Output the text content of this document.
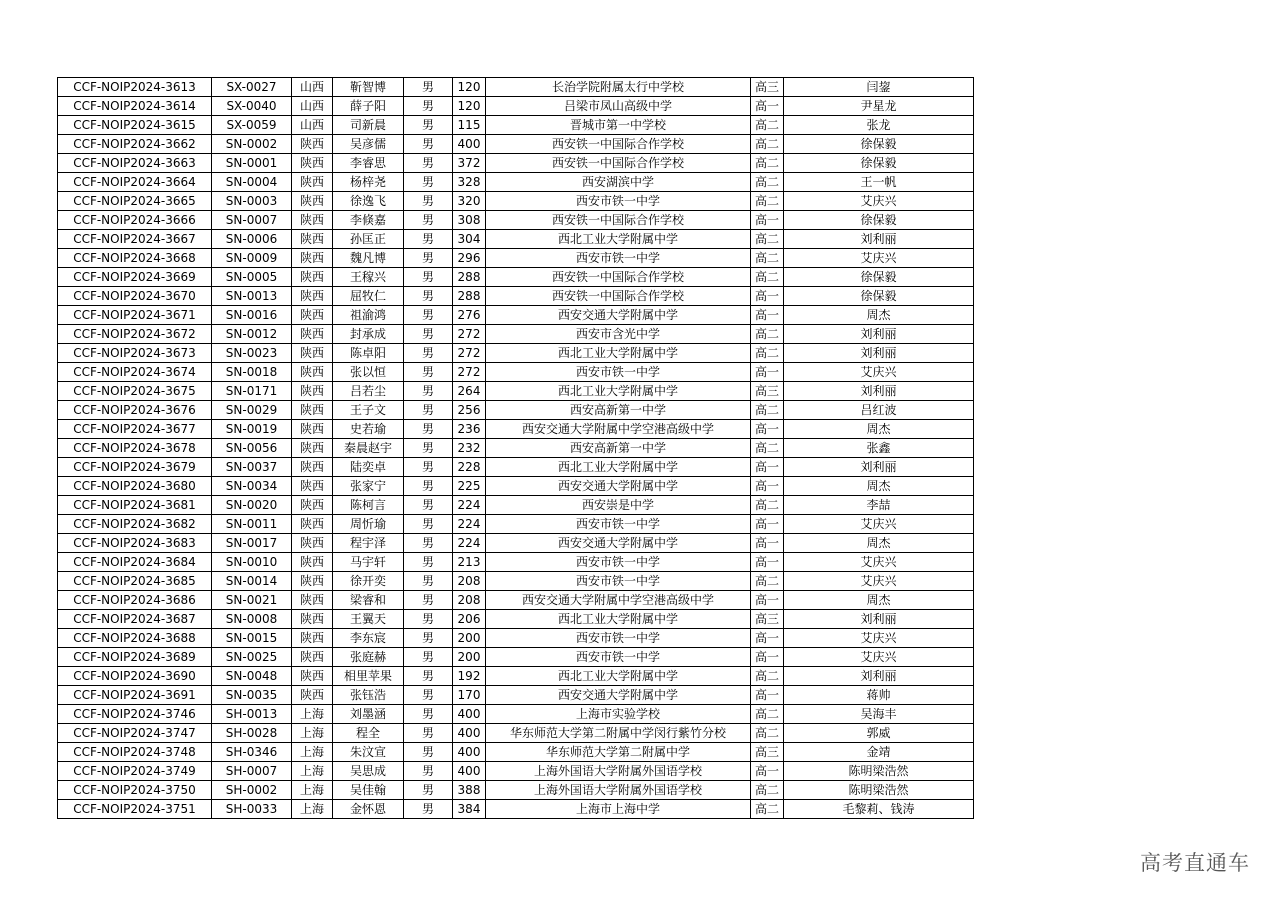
CCF-NOIP2024-3613	SX-0027	山西	靳智博	男	120	长治学院附属太行中学校	高三	闫鋆
CCF-NOIP2024-3614	SX-0040	山西	薛子阳	男	120	吕梁市凤山高级中学	高一	尹星龙
CCF-NOIP2024-3615	SX-0059	山西	司新晨	男	115	晋城市第一中学校	高二	张龙
CCF-NOIP2024-3662	SN-0002	陕西	吴彦儒	男	400	西安铁一中国际合作学校	高二	徐保毅
CCF-NOIP2024-3663	SN-0001	陕西	李睿思	男	372	西安铁一中国际合作学校	高二	徐保毅
CCF-NOIP2024-3664	SN-0004	陕西	杨梓尧	男	328	西安湖滨中学	高二	王一帆
CCF-NOIP2024-3665	SN-0003	陕西	徐逸飞	男	320	西安市铁一中学	高二	艾庆兴
CCF-NOIP2024-3666	SN-0007	陕西	李倏嘉	男	308	西安铁一中国际合作学校	高一	徐保毅
CCF-NOIP2024-3667	SN-0006	陕西	孙匡正	男	304	西北工业大学附属中学	高二	刘利丽
CCF-NOIP2024-3668	SN-0009	陕西	魏凡博	男	296	西安市铁一中学	高二	艾庆兴
CCF-NOIP2024-3669	SN-0005	陕西	王稼兴	男	288	西安铁一中国际合作学校	高二	徐保毅
CCF-NOIP2024-3670	SN-0013	陕西	屈牧仁	男	288	西安铁一中国际合作学校	高一	徐保毅
CCF-NOIP2024-3671	SN-0016	陕西	祖渝鸿	男	276	西安交通大学附属中学	高一	周杰
CCF-NOIP2024-3672	SN-0012	陕西	封承成	男	272	西安市含光中学	高二	刘利丽
CCF-NOIP2024-3673	SN-0023	陕西	陈卓阳	男	272	西北工业大学附属中学	高二	刘利丽
CCF-NOIP2024-3674	SN-0018	陕西	张以恒	男	272	西安市铁一中学	高一	艾庆兴
CCF-NOIP2024-3675	SN-0171	陕西	吕若尘	男	264	西北工业大学附属中学	高三	刘利丽
CCF-NOIP2024-3676	SN-0029	陕西	王子文	男	256	西安高新第一中学	高二	吕红波
CCF-NOIP2024-3677	SN-0019	陕西	史若瑜	男	236	西安交通大学附属中学空港高级中学	高一	周杰
CCF-NOIP2024-3678	SN-0056	陕西	秦晨赵宇	男	232	西安高新第一中学	高二	张鑫
CCF-NOIP2024-3679	SN-0037	陕西	陆奕卓	男	228	西北工业大学附属中学	高一	刘利丽
CCF-NOIP2024-3680	SN-0034	陕西	张家宁	男	225	西安交通大学附属中学	高一	周杰
CCF-NOIP2024-3681	SN-0020	陕西	陈柯言	男	224	西安崇是中学	高二	李喆
CCF-NOIP2024-3682	SN-0011	陕西	周忻瑜	男	224	西安市铁一中学	高一	艾庆兴
CCF-NOIP2024-3683	SN-0017	陕西	程宇泽	男	224	西安交通大学附属中学	高一	周杰
CCF-NOIP2024-3684	SN-0010	陕西	马宇轩	男	213	西安市铁一中学	高一	艾庆兴
CCF-NOIP2024-3685	SN-0014	陕西	徐开奕	男	208	西安市铁一中学	高二	艾庆兴
CCF-NOIP2024-3686	SN-0021	陕西	梁睿和	男	208	西安交通大学附属中学空港高级中学	高一	周杰
CCF-NOIP2024-3687	SN-0008	陕西	王翼天	男	206	西北工业大学附属中学	高三	刘利丽
CCF-NOIP2024-3688	SN-0015	陕西	李东宸	男	200	西安市铁一中学	高一	艾庆兴
CCF-NOIP2024-3689	SN-0025	陕西	张庭赫	男	200	西安市铁一中学	高一	艾庆兴
CCF-NOIP2024-3690	SN-0048	陕西	相里苹果	男	192	西北工业大学附属中学	高二	刘利丽
CCF-NOIP2024-3691	SN-0035	陕西	张钰浩	男	170	西安交通大学附属中学	高一	蒋帅
CCF-NOIP2024-3746	SH-0013	上海	刘墨涵	男	400	上海市实验学校	高二	吴海丰
CCF-NOIP2024-3747	SH-0028	上海	程全	男	400	华东师范大学第二附属中学闵行紫竹分校	高二	郭威
CCF-NOIP2024-3748	SH-0346	上海	朱汶宣	男	400	华东师范大学第二附属中学	高三	金靖
CCF-NOIP2024-3749	SH-0007	上海	吴思成	男	400	上海外国语大学附属外国语学校	高一	陈明梁浩然
CCF-NOIP2024-3750	SH-0002	上海	吴佳翰	男	388	上海外国语大学附属外国语学校	高二	陈明梁浩然
CCF-NOIP2024-3751	SH-0033	上海	金怀恩	男	384	上海市上海中学	高二	毛黎莉、钱涛
高考直通车
